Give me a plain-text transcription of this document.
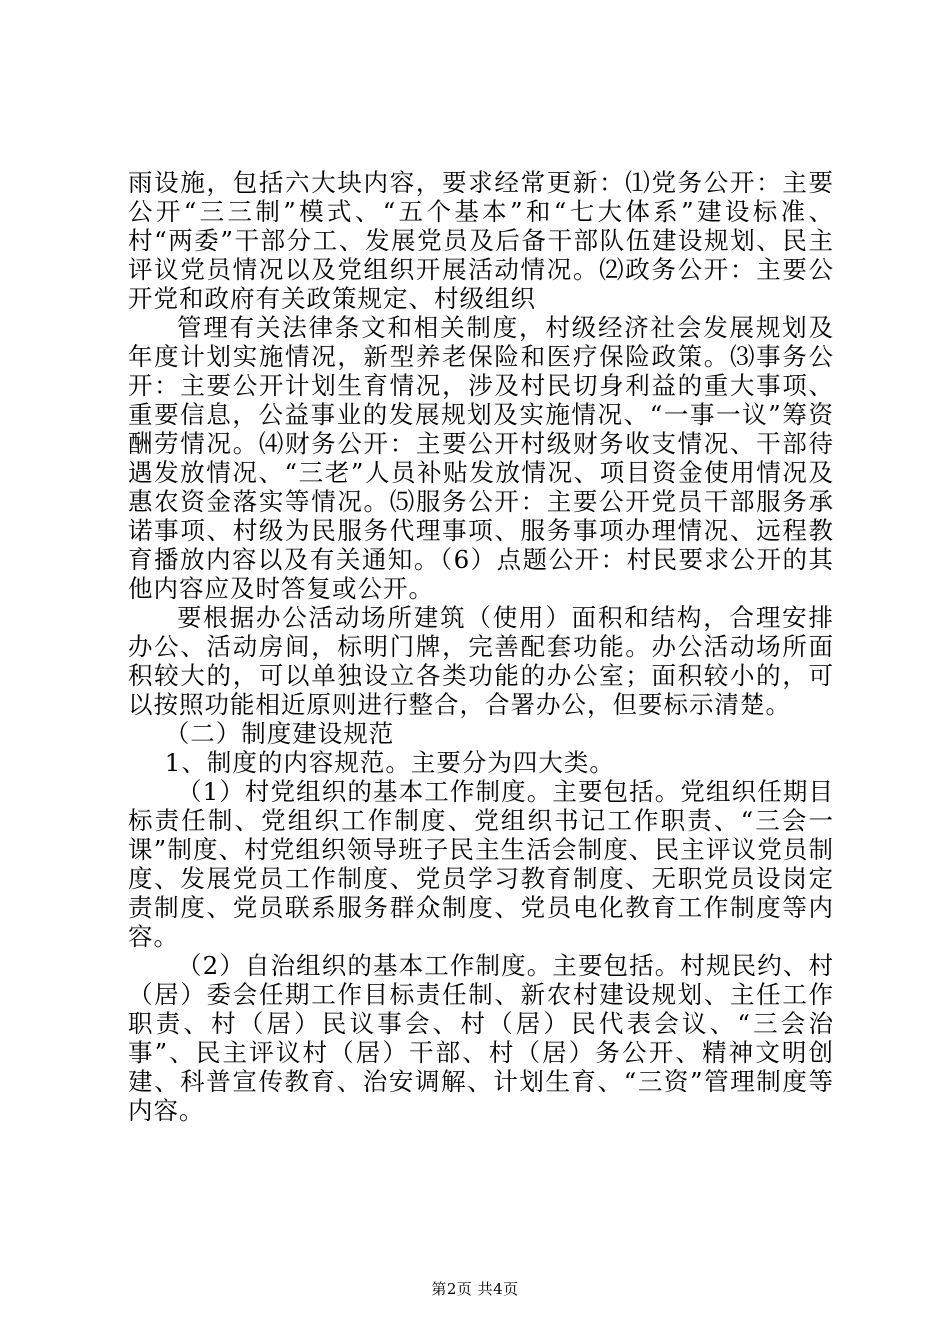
雨设施，包括六大块内容，要求经常更新：⑴党务公开：主要公开“三三制”模式、“五个基本”和“七大体系”建设标准、村“两委”干部分工、发展党员及后备干部队伍建设规划、民主评议党员情况以及党组织开展活动情况。⑵政务公开：主要公开党和政府有关政策规定、村级组织

管理有关法律条文和相关制度，村级经济社会发展规划及年度计划实施情况，新型养老保险和医疗保险政策。⑶事务公开：主要公开计划生育情况，涉及村民切身利益的重大事项、重要信息，公益事业的发展规划及实施情况、“一事一议”筹资酬劳情况。⑷财务公开：主要公开村级财务收支情况、干部待遇发放情况、“三老”人员补贴发放情况、项目资金使用情况及惠农资金落实等情况。⑸服务公开：主要公开党员干部服务承诺事项、村级为民服务代理事项、服务事项办理情况、远程教育播放内容以及有关通知。（6）点题公开：村民要求公开的其他内容应及时答复或公开。

要根据办公活动场所建筑（使用）面积和结构，合理安排办公、活动房间，标明门牌，完善配套功能。办公活动场所面积较大的，可以单独设立各类功能的办公室；面积较小的，可以按照功能相近原则进行整合，合署办公，但要标示清楚。

（二）制度建设规范

1、制度的内容规范。主要分为四大类。

（1）村党组织的基本工作制度。主要包括。党组织任期目标责任制、党组织工作制度、党组织书记工作职责、“三会一课”制度、村党组织领导班子民主生活会制度、民主评议党员制度、发展党员工作制度、党员学习教育制度、无职党员设岗定责制度、党员联系服务群众制度、党员电化教育工作制度等内容。

（2）自治组织的基本工作制度。主要包括。村规民约、村（居）委会任期工作目标责任制、新农村建设规划、主任工作职责、村（居）民议事会、村（居）民代表会议、“三会治事”、民主评议村（居）干部、村（居）务公开、精神文明创建、科普宣传教育、治安调解、计划生育、“三资”管理制度等内容。

第2页 共4页
